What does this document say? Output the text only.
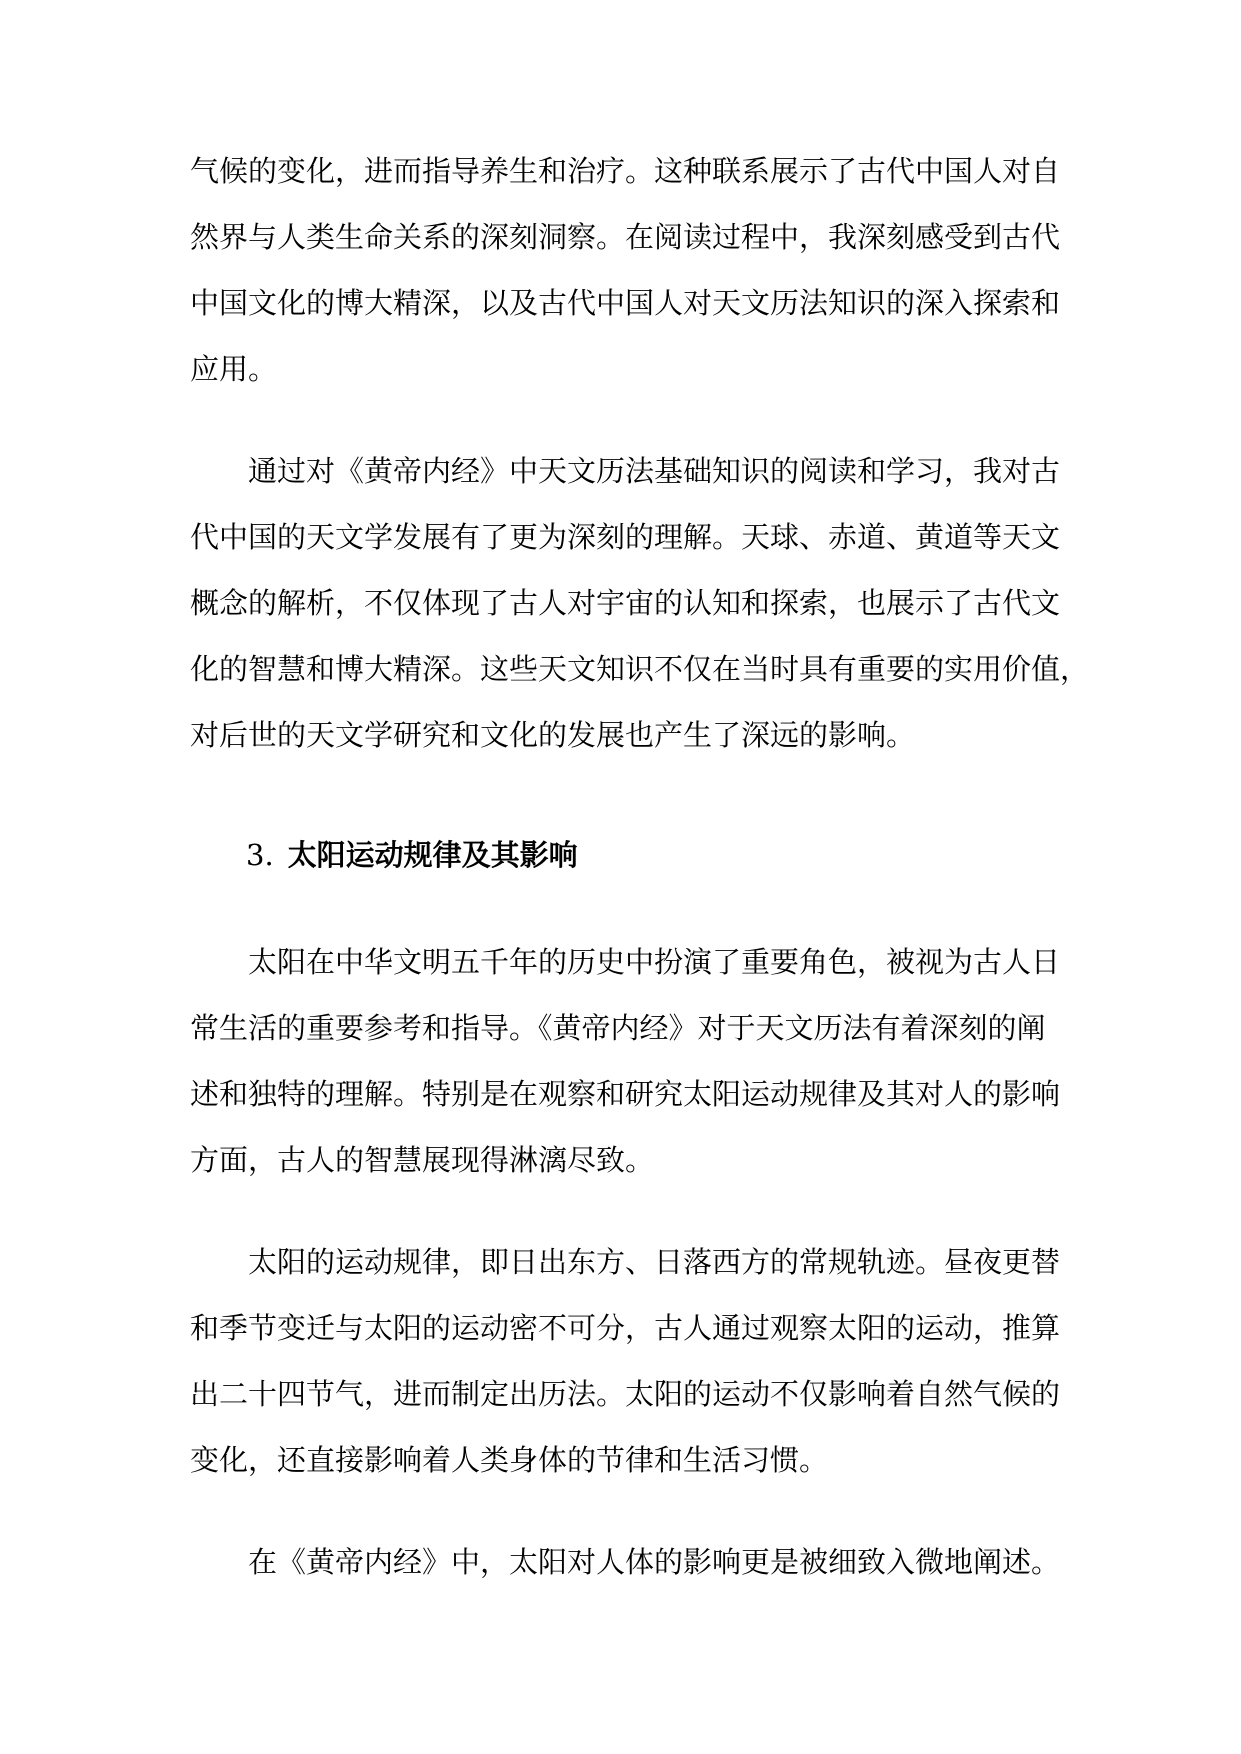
气候的变化，进而指导养生和治疗。这种联系展示了古代中国人对自
然界与人类生命关系的深刻洞察。在阅读过程中，我深刻感受到古代
中国文化的博大精深，以及古代中国人对天文历法知识的深入探索和
应用。
通过对《黄帝内经》中天文历法基础知识的阅读和学习，我对古
代中国的天文学发展有了更为深刻的理解。天球、赤道、黄道等天文
概念的解析，不仅体现了古人对宇宙的认知和探索，也展示了古代文
化的智慧和博大精深。这些天文知识不仅在当时具有重要的实用价值，
对后世的天文学研究和文化的发展也产生了深远的影响。
3. 太阳运动规律及其影响
太阳在中华文明五千年的历史中扮演了重要角色，被视为古人日
常生活的重要参考和指导。《黄帝内经》对于天文历法有着深刻的阐
述和独特的理解。特别是在观察和研究太阳运动规律及其对人的影响
方面，古人的智慧展现得淋漓尽致。
太阳的运动规律，即日出东方、日落西方的常规轨迹。昼夜更替
和季节变迁与太阳的运动密不可分，古人通过观察太阳的运动，推算
出二十四节气，进而制定出历法。太阳的运动不仅影响着自然气候的
变化，还直接影响着人类身体的节律和生活习惯。
在《黄帝内经》中，太阳对人体的影响更是被细致入微地阐述。
